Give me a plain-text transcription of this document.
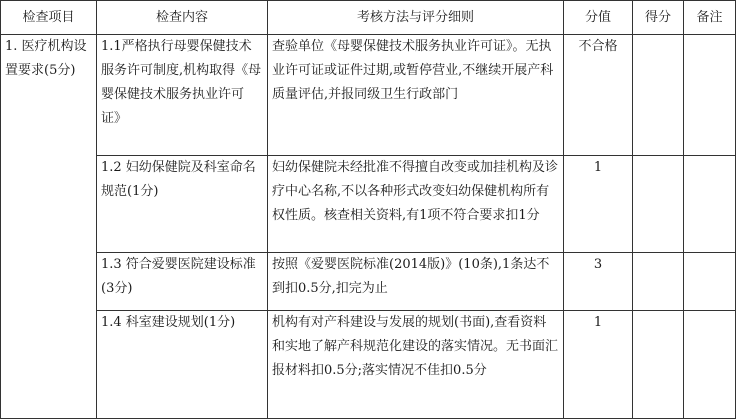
检查项目	检查内容	考核方法与评分细则	分值	得分	备注
1. 医疗机构设置要求(5分)	1.1严格执行母婴保健技术服务许可制度,机构取得《母婴保健技术服务执业许可证》	查验单位《母婴保健技术服务执业许可证》。无执业许可证或证件过期,或暂停营业,不继续开展产科质量评估,并报同级卫生行政部门	不合格		
	1.2 妇幼保健院及科室命名规范(1分)	妇幼保健院未经批准不得擅自改变或加挂机构及诊疗中心名称,不以各种形式改变妇幼保健机构所有权性质。核查相关资料,有1项不符合要求扣1分	1		
	1.3 符合爱婴医院建设标准(3分)	按照《爱婴医院标准(2014版)》(10条),1条达不到扣0.5分,扣完为止	3		
	1.4 科室建设规划(1分)	机构有对产科建设与发展的规划(书面),查看资料和实地了解产科规范化建设的落实情况。无书面汇报材料扣0.5分;落实情况不佳扣0.5分	1		
